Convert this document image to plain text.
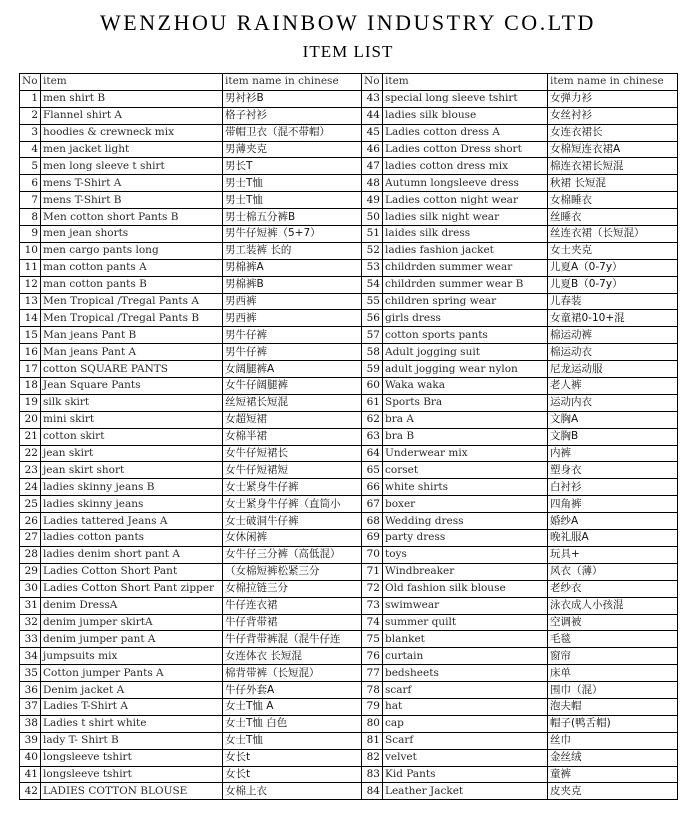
WENZHOU RAINBOW INDUSTRY CO.LTD
ITEM LIST
No	item	item name in chinese	No	item	item name in chinese
1	men shirt B	男衬衫B	43	special long sleeve tshirt	女弹力衫
2	Flannel shirt A	格子衬衫	44	ladies silk blouse	女丝衬衫
3	hoodies & crewneck mix	带帽卫衣（混不带帽）	45	Ladies cotton dress A	女连衣裙长
4	men jacket light	男薄夹克	46	Ladies cotton Dress short	女棉短连衣裙A
5	men long sleeve t shirt	男长T	47	ladies cotton dress mix	棉连衣裙长短混
6	mens T-Shirt A	男士T恤	48	Autumn longsleeve dress	秋裙 长短混
7	mens T-Shirt B	男士T恤	49	Ladies cotton night wear	女棉睡衣
8	Men cotton short Pants B	男士棉五分裤B	50	ladies silk night wear	丝睡衣
9	men jean shorts	男牛仔短裤（5+7）	51	laides silk dress	丝连衣裙（长短混）
10	men cargo pants long	男工装裤 长的	52	ladies fashion jacket	女士夹克
11	man cotton pants A	男棉裤A	53	childrden summer wear	儿夏A（0-7y）
12	man cotton pants B	男棉裤B	54	childrden summer wear B	儿夏B（0-7y）
13	Men Tropical /Tregal Pants A	男西裤	55	children spring wear	儿春装
14	Men Tropical /Tregal Pants B	男西裤	56	girls dress	女童裙0-10+混
15	Man jeans Pant B	男牛仔裤	57	cotton sports pants	棉运动裤
16	Man jeans Pant A	男牛仔裤	58	Adult jogging suit	棉运动衣
17	cotton SQUARE PANTS	女阔腿裤A	59	adult jogging wear nylon	尼龙运动服
18	Jean Square Pants	女牛仔阔腿裤	60	Waka waka	老人裤
19	silk skirt	丝短裙长短混	61	Sports Bra	运动内衣
20	mini skirt	女超短裙	62	bra A	文胸A
21	cotton skirt	女棉半裙	63	bra B	文胸B
22	jean skirt	女牛仔短裙长	64	Underwear mix	内裤
23	jean skirt short	女牛仔短裙短	65	corset	塑身衣
24	ladies skinny jeans B	女士紧身牛仔裤	66	white shirts	白衬衫
25	ladies skinny jeans	女士紧身牛仔裤（直筒小	67	boxer	四角裤
26	Ladies tattered Jeans A	女士破洞牛仔裤	68	Wedding dress	婚纱A
27	ladies cotton pants	女休闲裤	69	party dress	晚礼服A
28	ladies denim short pant A	女牛仔三分裤（高低混）	70	toys	玩具+
29	Ladies Cotton Short Pant	（女棉短裤松紧三分	71	Windbreaker	风衣（薄）
30	Ladies Cotton Short Pant zipper	女棉拉链三分	72	Old fashion silk blouse	老纱衣
31	denim DressA	牛仔连衣裙	73	swimwear	泳衣成人小孩混
32	denim jumper skirtA	牛仔背带裙	74	summer quilt	空调被
33	denim jumper pant A	牛仔背带裤混（混牛仔连	75	blanket	毛毯
34	jumpsuits mix	女连体衣 长短混	76	curtain	窗帘
35	Cotton jumper Pants A	棉背带裤（长短混）	77	bedsheets	床单
36	Denim jacket A	牛仔外套A	78	scarf	围巾（混）
37	Ladies T-Shirt A	女士T恤 A	79	hat	泡夫帽
38	Ladies t shirt white	女士T恤 白色	80	cap	帽子(鸭舌帽)
39	lady T- Shirt B	女士T恤	81	Scarf	丝巾
40	longsleeve tshirt	女长t	82	velvet	金丝绒
41	longsleeve tshirt	女长t	83	Kid Pants	童裤
42	LADIES COTTON BLOUSE	女棉上衣	84	Leather Jacket	皮夹克
